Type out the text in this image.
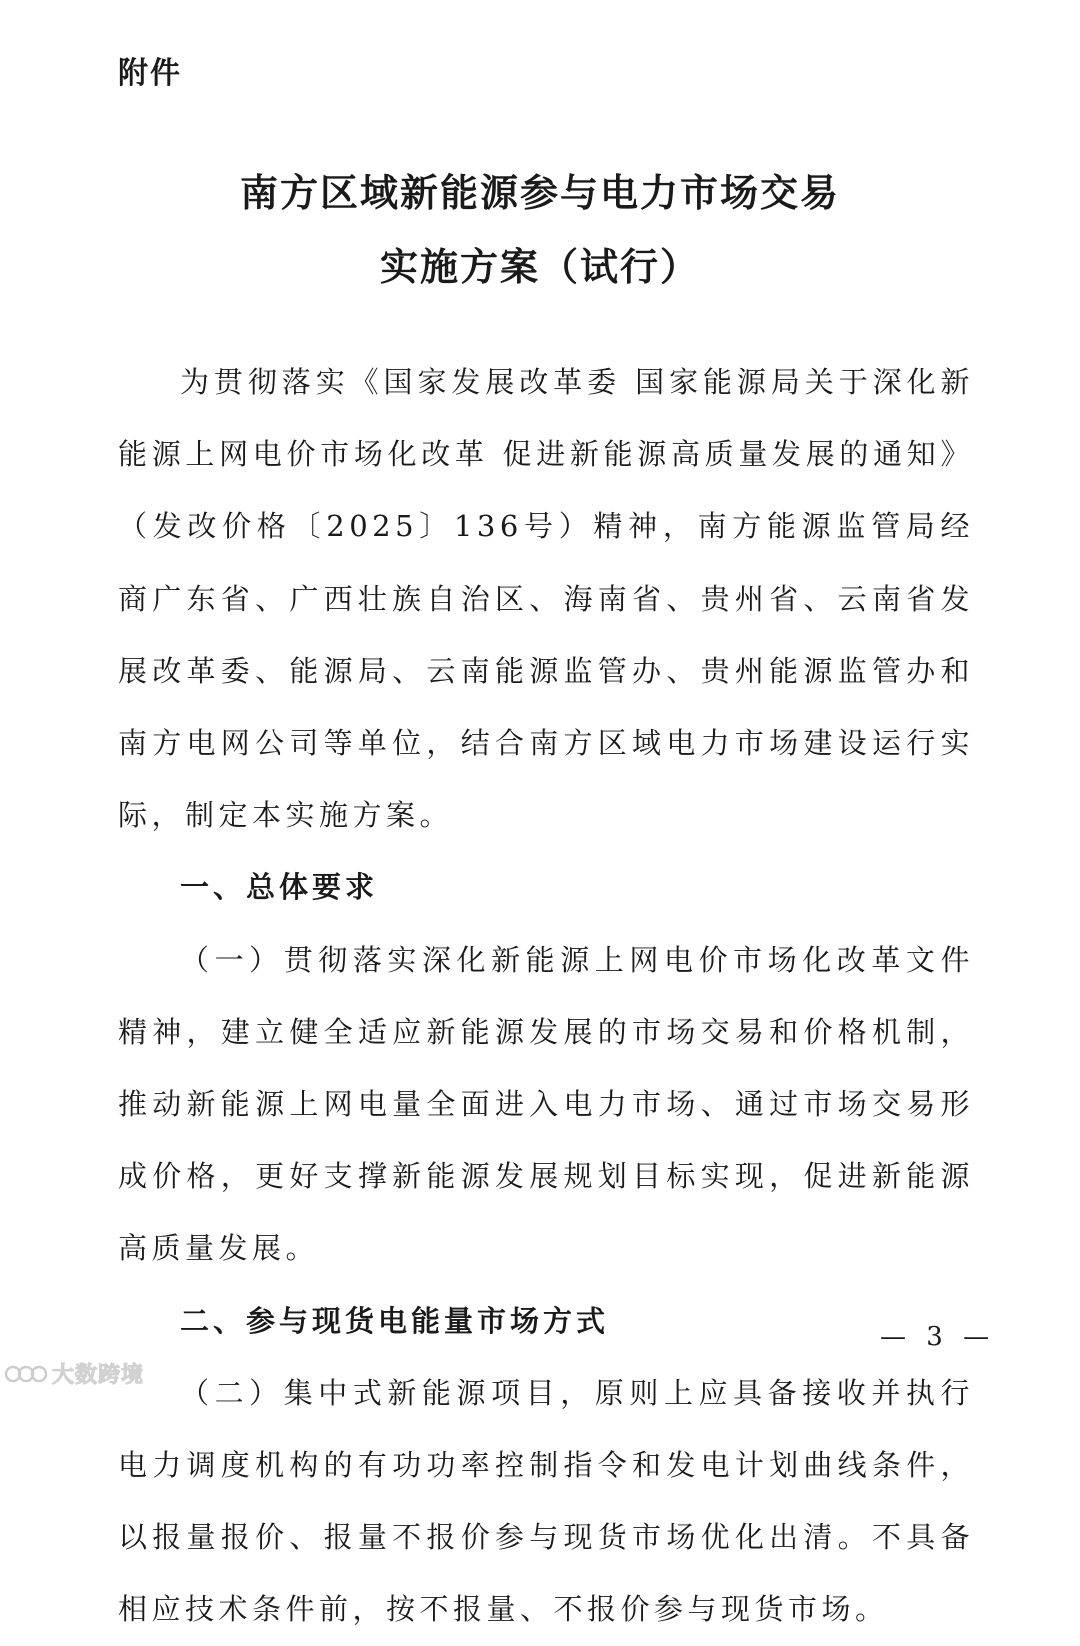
附件
南方区域新能源参与电力市场交易
实施方案（试行）

为贯彻落实《国家发展改革委 国家能源局关于深化新能源上网电价市场化改革 促进新能源高质量发展的通知》（发改价格〔2025〕136号）精神，南方能源监管局经商广东省、广西壮族自治区、海南省、贵州省、云南省发展改革委、能源局、云南能源监管办、贵州能源监管办和南方电网公司等单位，结合南方区域电力市场建设运行实际，制定本实施方案。

一、总体要求

（一）贯彻落实深化新能源上网电价市场化改革文件精神，建立健全适应新能源发展的市场交易和价格机制，推动新能源上网电量全面进入电力市场、通过市场交易形成价格，更好支撑新能源发展规划目标实现，促进新能源高质量发展。

二、参与现货电能量市场方式

（二）集中式新能源项目，原则上应具备接收并执行电力调度机构的有功功率控制指令和发电计划曲线条件，以报量报价、报量不报价参与现货市场优化出清。不具备相应技术条件前，按不报量、不报价参与现货市场。

— 3 —
大数跨境
